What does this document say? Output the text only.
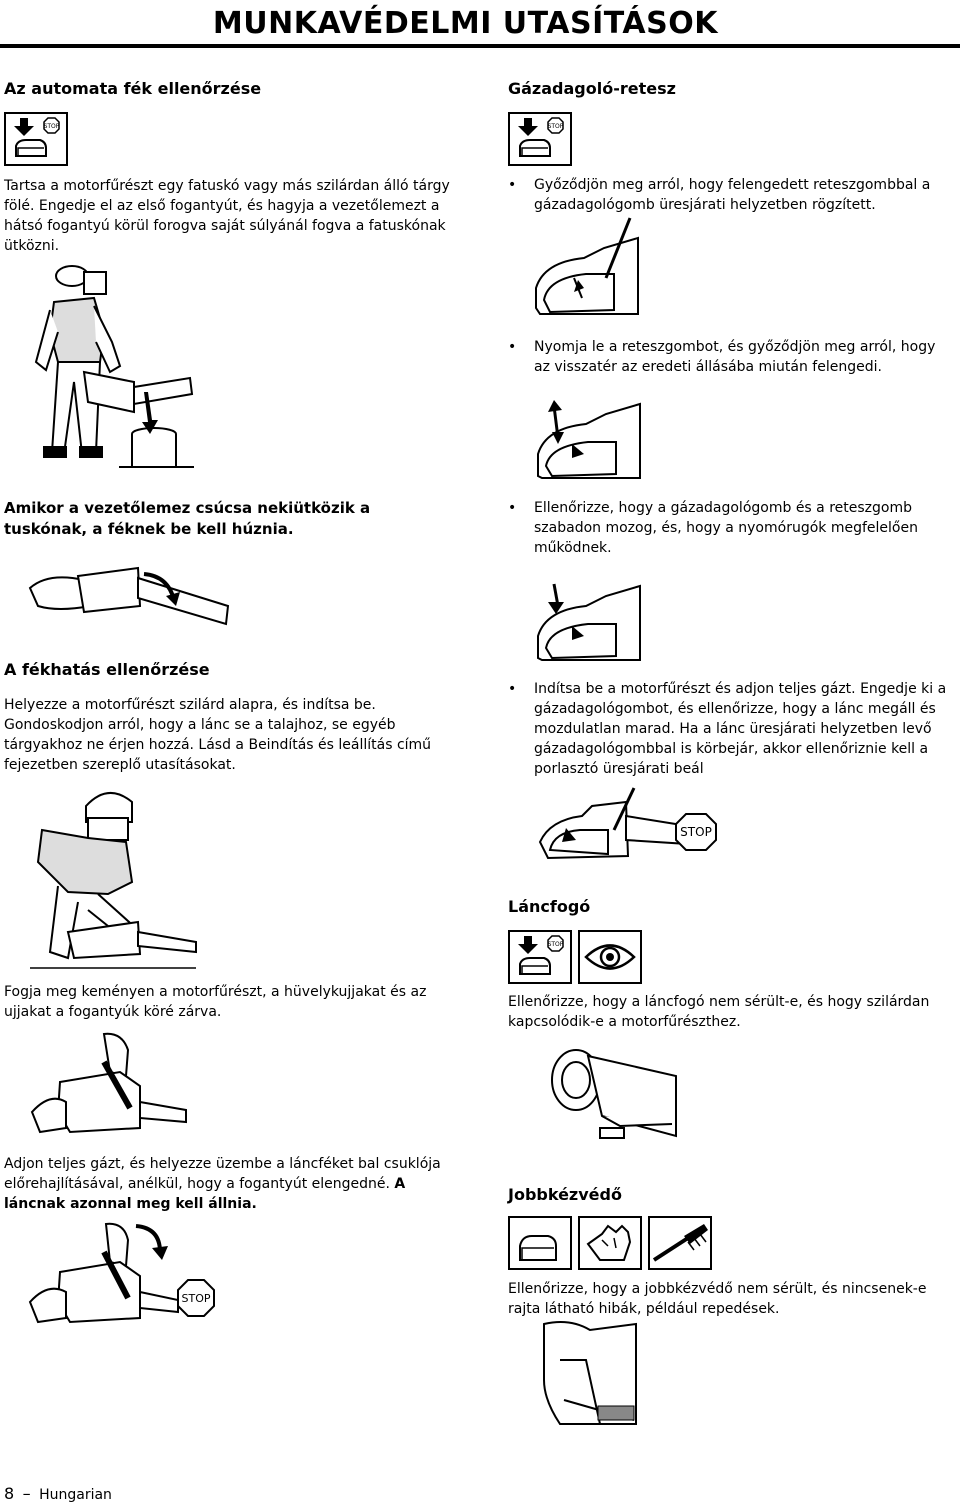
MUNKAVÉDELMI UTASÍTÁSOK
Az automata fék ellenőrzése
STOP
Tartsa a motorfűrészt egy fatuskó vagy más szilárdan álló tárgy fölé. Engedje el az első fogantyút, és hagyja a vezetőlemezt a hátsó fogantyú körül forogva saját súlyánál fogva a fatuskónak ütközni.
Amikor a vezetőlemez csúcsa nekiütközik a tuskónak, a féknek be kell húznia.
A fékhatás ellenőrzése
Helyezze a motorfűrészt szilárd alapra, és indítsa be. Gondoskodjon arról, hogy a lánc se a talajhoz, se egyéb tárgyakhoz ne érjen hozzá. Lásd a Beindítás és leállítás című fejezetben szereplő utasításokat.
Fogja meg keményen a motorfűrészt, a hüvelykujjakat és az ujjakat a fogantyúk köré zárva.
Adjon teljes gázt, és helyezze üzembe a láncféket bal csuklója előrehajlításával, anélkül, hogy a fogantyút elengedné. A láncnak azonnal meg kell állnia.
STOP
Gázadagoló-retesz
STOP
• Győződjön meg arról, hogy felengedett reteszgombbal a gázadagológomb üresjárati helyzetben rögzített.
• Nyomja le a reteszgombot, és győződjön meg arról, hogy az visszatér az eredeti állásába miután felengedi.
• Ellenőrizze, hogy a gázadagológomb és a reteszgomb szabadon mozog, és, hogy a nyomórugók megfelelően működnek.
• Indítsa be a motorfűrészt és adjon teljes gázt. Engedje ki a gázadagológombot, és ellenőrizze, hogy a lánc megáll és mozdulatlan marad. Ha a lánc üresjárati helyzetben levő gázadagológombbal is körbejár, akkor ellenőriznie kell a porlasztó üresjárati beál
STOP
Láncfogó
STOP
Ellenőrizze, hogy a láncfogó nem sérült-e, és hogy szilárdan kapcsolódik-e a motorfűrészthez.
Jobbkézvédő
Ellenőrizze, hogy a jobbkézvédő nem sérült, és nincsenek-e rajta látható hibák, például repedések.
8 – Hungarian
